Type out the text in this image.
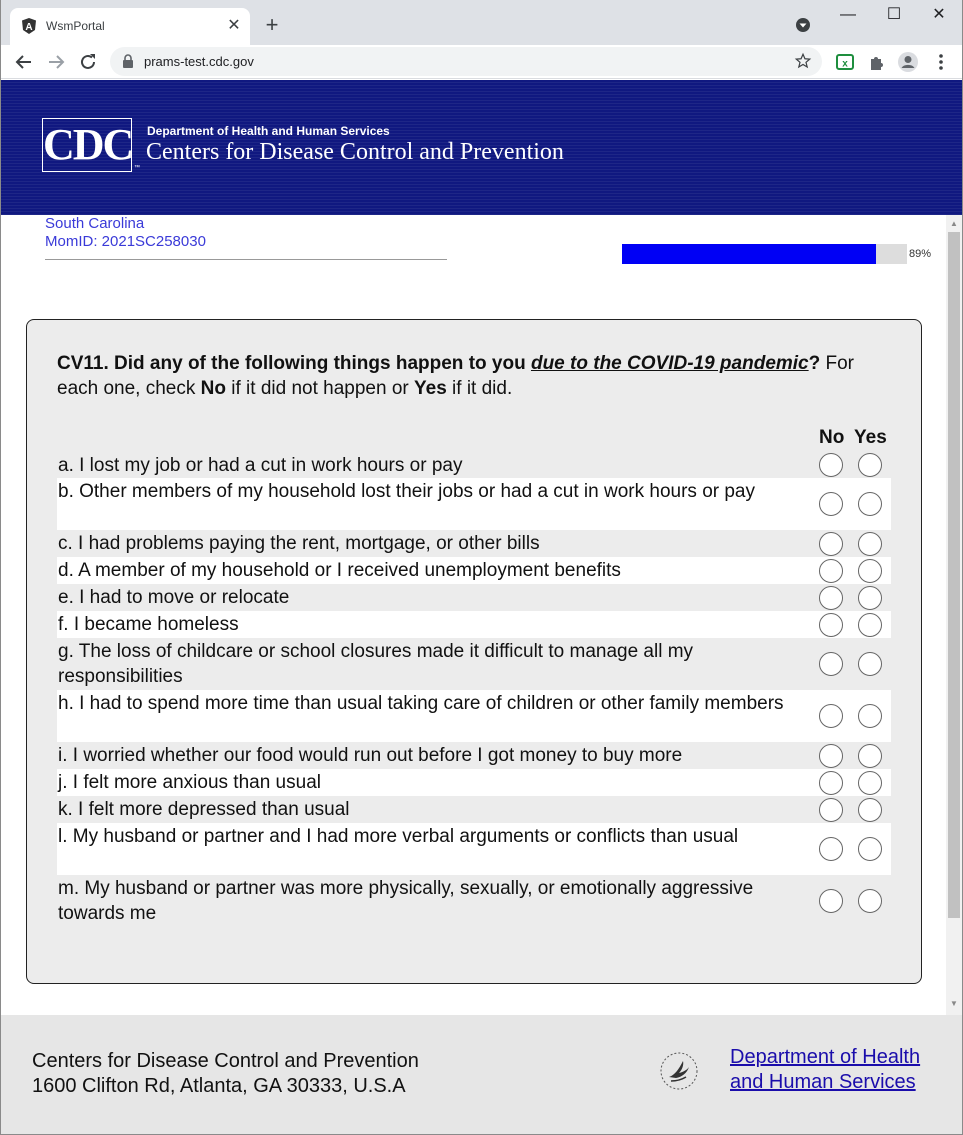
A WsmPortal	✕ +	—	☐	✕
prams-test.cdc.gov	x
CDC ™
Department of Health and Human Services
Centers for Disease Control and Prevention
South Carolina
MomID: 2021SC258030
89%
CV11. Did any of the following things happen to you due to the COVID-19 pandemic? For each one, check No if it did not happen or Yes if it did.
No Yes
a. I lost my job or had a cut in work hours or pay
b. Other members of my household lost their jobs or had a cut in work hours or pay
c. I had problems paying the rent, mortgage, or other bills
d. A member of my household or I received unemployment benefits
e. I had to move or relocate
f. I became homeless
g. The loss of childcare or school closures made it difficult to manage all my responsibilities
h. I had to spend more time than usual taking care of children or other family members
i. I worried whether our food would run out before I got money to buy more
j. I felt more anxious than usual
k. I felt more depressed than usual
l. My husband or partner and I had more verbal arguments or conflicts than usual
m. My husband or partner was more physically, sexually, or emotionally aggressive towards me
▲
▼
Centers for Disease Control and Prevention
1600 Clifton Rd, Atlanta, GA 30333, U.S.A
Department of Health
and Human Services
